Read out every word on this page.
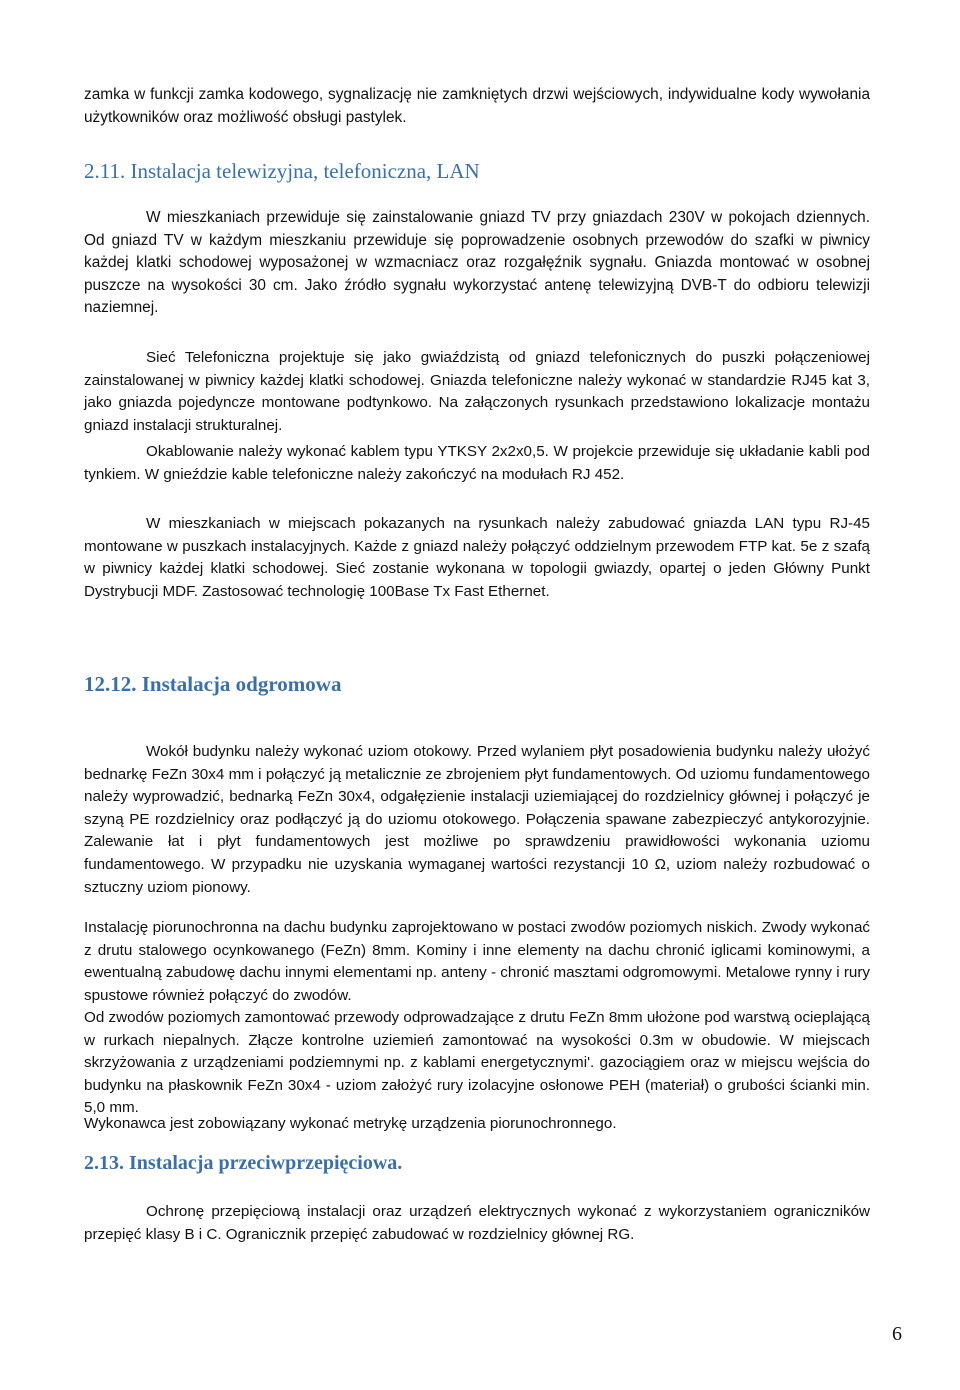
zamka w funkcji zamka kodowego, sygnalizację nie zamkniętych drzwi wejściowych, indywidualne kody wywołania użytkowników oraz możliwość obsługi pastylek.

2.11. Instalacja telewizyjna, telefoniczna, LAN

W mieszkaniach przewiduje się zainstalowanie gniazd TV przy gniazdach 230V w pokojach dziennych. Od gniazd TV w każdym mieszkaniu przewiduje się poprowadzenie osobnych przewodów do szafki w piwnicy każdej klatki schodowej wyposażonej w wzmacniacz oraz rozgałęźnik sygnału. Gniazda montować w osobnej puszcze na wysokości 30 cm. Jako źródło sygnału wykorzystać antenę telewizyjną DVB-T do odbioru telewizji naziemnej.

Sieć Telefoniczna projektuje się jako gwiaździstą od gniazd telefonicznych do puszki połączeniowej zainstalowanej w piwnicy każdej klatki schodowej. Gniazda telefoniczne należy wykonać w standardzie RJ45 kat 3, jako gniazda pojedyncze montowane podtynkowo. Na załączonych rysunkach przedstawiono lokalizacje montażu gniazd instalacji strukturalnej.

Okablowanie należy wykonać kablem typu YTKSY 2x2x0,5. W projekcie przewiduje się układanie kabli pod tynkiem. W gnieździe kable telefoniczne należy zakończyć na modułach RJ 452.

W mieszkaniach w miejscach pokazanych na rysunkach należy zabudować gniazda LAN typu RJ-45 montowane w puszkach instalacyjnych. Każde z gniazd należy połączyć oddzielnym przewodem FTP kat. 5e z szafą w piwnicy każdej klatki schodowej. Sieć zostanie wykonana w topologii gwiazdy, opartej o jeden Główny Punkt Dystrybucji MDF. Zastosować technologię 100Base Tx Fast Ethernet.

12.12. Instalacja odgromowa

Wokół budynku należy wykonać uziom otokowy. Przed wylaniem płyt posadowienia budynku należy ułożyć bednarkę FeZn 30x4 mm i połączyć ją metalicznie ze zbrojeniem płyt fundamentowych. Od uziomu fundamentowego należy wyprowadzić, bednarką FeZn 30x4, odgałęzienie instalacji uziemiającej do rozdzielnicy głównej i połączyć je szyną PE rozdzielnicy oraz podłączyć ją do uziomu otokowego. Połączenia spawane zabezpieczyć antykorozyjnie. Zalewanie łat i płyt fundamentowych jest możliwe po sprawdzeniu prawidłowości wykonania uziomu fundamentowego. W przypadku nie uzyskania wymaganej wartości rezystancji 10 Ω, uziom należy rozbudować o sztuczny uziom pionowy.

Instalację piorunochronna na dachu budynku zaprojektowano w postaci zwodów poziomych niskich. Zwody wykonać z drutu stalowego ocynkowanego (FeZn) 8mm. Kominy i inne elementy na dachu chronić iglicami kominowymi, a ewentualną zabudowę dachu innymi elementami np. anteny - chronić masztami odgromowymi. Metalowe rynny i rury spustowe również połączyć do zwodów.

Od zwodów poziomych zamontować przewody odprowadzające z drutu FeZn 8mm ułożone pod warstwą ocieplającą w rurkach niepalnych. Złącze kontrolne uziemień zamontować na wysokości 0.3m w obudowie. W miejscach skrzyżowania z urządzeniami podziemnymi np. z kablami energetycznymi'. gazociągiem oraz w miejscu wejścia do budynku na płaskownik FeZn 30x4 - uziom założyć rury izolacyjne osłonowe PEH (materiał) o grubości ścianki min. 5,0 mm.

Wykonawca jest zobowiązany wykonać metrykę urządzenia piorunochronnego.

2.13. Instalacja przeciwprzepięciowa.

Ochronę przepięciową instalacji oraz urządzeń elektrycznych wykonać z wykorzystaniem ograniczników przepięć klasy B i C. Ogranicznik przepięć zabudować w rozdzielnicy głównej RG.

6
